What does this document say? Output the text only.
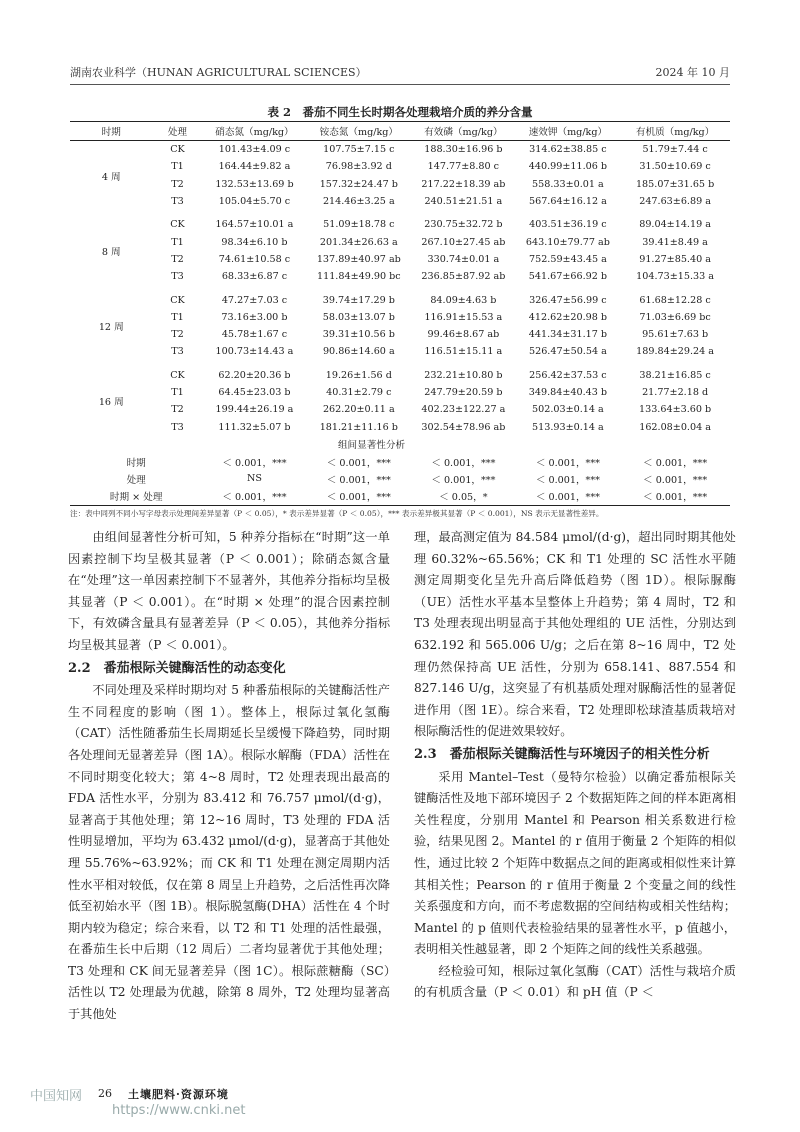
湖南农业科学（HUNAN AGRICULTURAL SCIENCES）	2024 年 10 月
表 2　番茄不同生长时期各处理栽培介质的养分含量
时期	处理	硝态氮（mg/kg）	铵态氮（mg/kg）	有效磷（mg/kg）	速效钾（mg/kg）	有机质（mg/kg）
4 周	CK	101.43±4.09 c	107.75±7.15 c	188.30±16.96 b	314.62±38.85 c	51.79±7.44 c
	T1	164.44±9.82 a	76.98±3.92 d	147.77±8.80 c	440.99±11.06 b	31.50±10.69 c
	T2	132.53±13.69 b	157.32±24.47 b	217.22±18.39 ab	558.33±0.01 a	185.07±31.65 b
	T3	105.04±5.70 c	214.46±3.25 a	240.51±21.51 a	567.64±16.12 a	247.63±6.89 a

8 周	CK	164.57±10.01 a	51.09±18.78 c	230.75±32.72 b	403.51±36.19 c	89.04±14.19 a
	T1	98.34±6.10 b	201.34±26.63 a	267.10±27.45 ab	643.10±79.77 ab	39.41±8.49 a
	T2	74.61±10.58 c	137.89±40.97 ab	330.74±0.01 a	752.59±43.45 a	91.27±85.40 a
	T3	68.33±6.87 c	111.84±49.90 bc	236.85±87.92 ab	541.67±66.92 b	104.73±15.33 a

12 周	CK	47.27±7.03 c	39.74±17.29 b	84.09±4.63 b	326.47±56.99 c	61.68±12.28 c
	T1	73.16±3.00 b	58.03±13.07 b	116.91±15.53 a	412.62±20.98 b	71.03±6.69 bc
	T2	45.78±1.67 c	39.31±10.56 b	99.46±8.67 ab	441.34±31.17 b	95.61±7.63 b
	T3	100.73±14.43 a	90.86±14.60 a	116.51±15.11 a	526.47±50.54 a	189.84±29.24 a

16 周	CK	62.20±20.36 b	19.26±1.56 d	232.21±10.80 b	256.42±37.53 c	38.21±16.85 c
	T1	64.45±23.03 b	40.31±2.79 c	247.79±20.59 b	349.84±40.43 b	21.77±2.18 d
	T2	199.44±26.19 a	262.20±0.11 a	402.23±122.27 a	502.03±0.14 a	133.64±3.60 b
	T3	111.32±5.07 b	181.21±11.16 b	302.54±78.96 ab	513.93±0.14 a	162.08±0.04 a
		组间显著性分析				
时期		＜ 0.001，***	＜ 0.001，***	＜ 0.001，***	＜ 0.001，***	＜ 0.001，***
处理		NS	＜ 0.001，***	＜ 0.001，***	＜ 0.001，***	＜ 0.001，***
时期 × 处理		＜ 0.001，***	＜ 0.001，***	＜ 0.05，*	＜ 0.001，***	＜ 0.001，***
注：表中同列不同小写字母表示处理间差异显著（P ＜ 0.05），* 表示差异显著（P ＜ 0.05），*** 表示差异极其显著（P ＜ 0.001），NS 表示无显著性差异。

由组间显著性分析可知，5 种养分指标在“时期”这一单因素控制下均呈极其显著（P ＜ 0.001）；除硝态氮含量在“处理”这一单因素控制下不显著外，其他养分指标均呈极其显著（P ＜ 0.001）。在“时期 × 处理”的混合因素控制下，有效磷含量具有显著差异（P ＜ 0.05），其他养分指标均呈极其显著（P ＜ 0.001）。

2.2　番茄根际关键酶活性的动态变化

不同处理及采样时期均对 5 种番茄根际的关键酶活性产生不同程度的影响（图 1）。整体上，根际过氧化氢酶（CAT）活性随番茄生长周期延长呈缓慢下降趋势，同时期各处理间无显著差异（图 1A）。根际水解酶（FDA）活性在不同时期变化较大；第 4~8 周时，T2 处理表现出最高的 FDA 活性水平，分别为 83.412 和 76.757 μmol/(d·g)，显著高于其他处理；第 12~16 周时，T3 处理的 FDA 活性明显增加，平均为 63.432 μmol/(d·g)，显著高于其他处理 55.76%~63.92%；而 CK 和 T1 处理在测定周期内活性水平相对较低，仅在第 8 周呈上升趋势，之后活性再次降低至初始水平（图 1B）。根际脱氢酶(DHA）活性在 4 个时期内较为稳定；综合来看，以 T2 和 T1 处理的活性最强，在番茄生长中后期（12 周后）二者均显著优于其他处理；T3 处理和 CK 间无显著差异（图 1C）。根际蔗糖酶（SC）活性以 T2 处理最为优越，除第 8 周外，T2 处理均显著高于其他处

理，最高测定值为 84.584 μmol/(d·g)，超出同时期其他处理 60.32%~65.56%；CK 和 T1 处理的 SC 活性水平随测定周期变化呈先升高后降低趋势（图 1D）。根际脲酶（UE）活性水平基本呈整体上升趋势；第 4 周时，T2 和 T3 处理表现出明显高于其他处理组的 UE 活性，分别达到 632.192 和 565.006 U/g；之后在第 8~16 周中，T2 处理仍然保持高 UE 活性，分别为 658.141、887.554 和 827.146 U/g，这突显了有机基质处理对脲酶活性的显著促进作用（图 1E）。综合来看，T2 处理即松球渣基质栽培对根际酶活性的促进效果较好。

2.3　番茄根际关键酶活性与环境因子的相关性分析

采用 Mantel–Test（曼特尔检验）以确定番茄根际关键酶活性及地下部环境因子 2 个数据矩阵之间的样本距离相关性程度，分别用 Mantel 和 Pearson 相关系数进行检验，结果见图 2。Mantel 的 r 值用于衡量 2 个矩阵的相似性，通过比较 2 个矩阵中数据点之间的距离或相似性来计算其相关性；Pearson 的 r 值用于衡量 2 个变量之间的线性关系强度和方向，而不考虑数据的空间结构或相关性结构；Mantel 的 p 值则代表检验结果的显著性水平，p 值越小，表明相关性越显著，即 2 个矩阵之间的线性关系越强。

经检验可知，根际过氧化氢酶（CAT）活性与栽培介质的有机质含量（P ＜ 0.01）和 pH 值（P ＜

中国知网 26 土壤肥料·资源环境
https://www.cnki.net
